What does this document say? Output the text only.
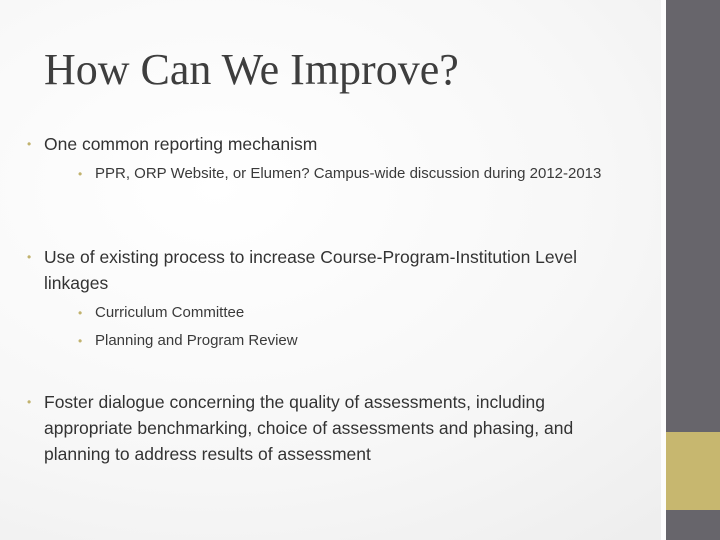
How Can We Improve?
• One common reporting mechanism
• PPR, ORP Website, or Elumen? Campus-wide discussion during 2012-2013
• Use of existing process to increase Course-Program-Institution Level linkages
• Curriculum Committee
• Planning and Program Review
• Foster dialogue concerning the quality of assessments, including appropriate benchmarking, choice of assessments and phasing, and planning to address results of assessment
